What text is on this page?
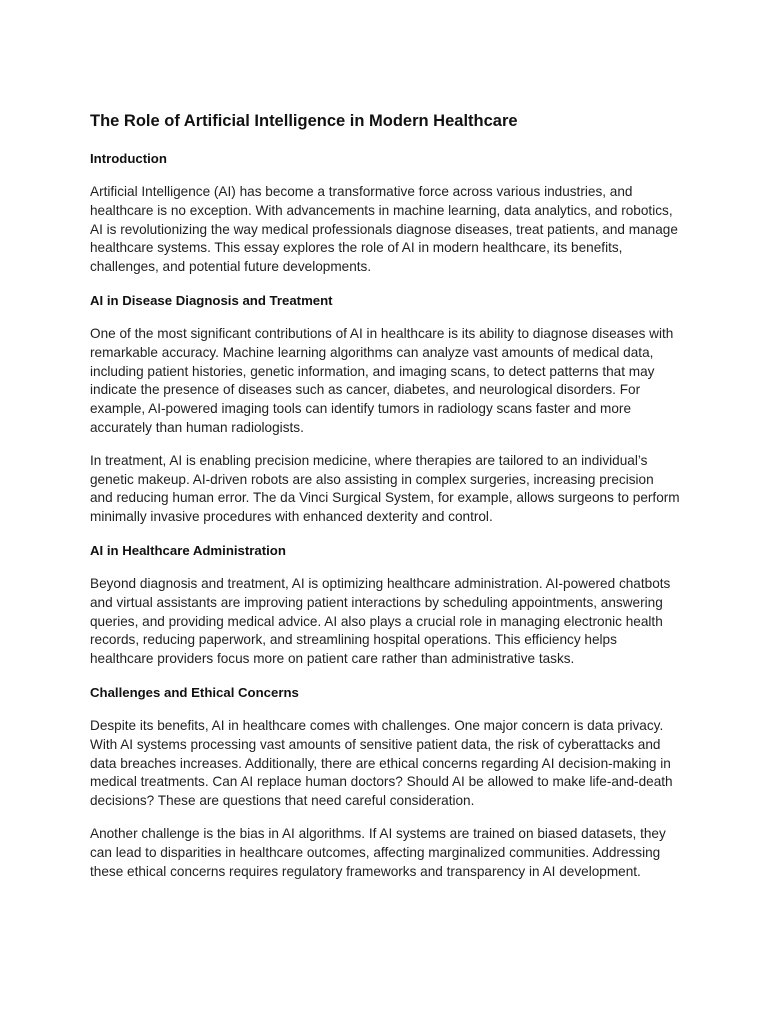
The Role of Artificial Intelligence in Modern Healthcare
Introduction

Artificial Intelligence (AI) has become a transformative force across various industries, and healthcare is no exception. With advancements in machine learning, data analytics, and robotics, AI is revolutionizing the way medical professionals diagnose diseases, treat patients, and manage healthcare systems. This essay explores the role of AI in modern healthcare, its benefits, challenges, and potential future developments.

AI in Disease Diagnosis and Treatment

One of the most significant contributions of AI in healthcare is its ability to diagnose diseases with remarkable accuracy. Machine learning algorithms can analyze vast amounts of medical data, including patient histories, genetic information, and imaging scans, to detect patterns that may indicate the presence of diseases such as cancer, diabetes, and neurological disorders. For example, AI-powered imaging tools can identify tumors in radiology scans faster and more accurately than human radiologists.

In treatment, AI is enabling precision medicine, where therapies are tailored to an individual’s genetic makeup. AI-driven robots are also assisting in complex surgeries, increasing precision and reducing human error. The da Vinci Surgical System, for example, allows surgeons to perform minimally invasive procedures with enhanced dexterity and control.

AI in Healthcare Administration

Beyond diagnosis and treatment, AI is optimizing healthcare administration. AI-powered chatbots and virtual assistants are improving patient interactions by scheduling appointments, answering queries, and providing medical advice. AI also plays a crucial role in managing electronic health records, reducing paperwork, and streamlining hospital operations. This efficiency helps healthcare providers focus more on patient care rather than administrative tasks.

Challenges and Ethical Concerns

Despite its benefits, AI in healthcare comes with challenges. One major concern is data privacy. With AI systems processing vast amounts of sensitive patient data, the risk of cyberattacks and data breaches increases. Additionally, there are ethical concerns regarding AI decision-making in medical treatments. Can AI replace human doctors? Should AI be allowed to make life-and-death decisions? These are questions that need careful consideration.

Another challenge is the bias in AI algorithms. If AI systems are trained on biased datasets, they can lead to disparities in healthcare outcomes, affecting marginalized communities. Addressing these ethical concerns requires regulatory frameworks and transparency in AI development.
